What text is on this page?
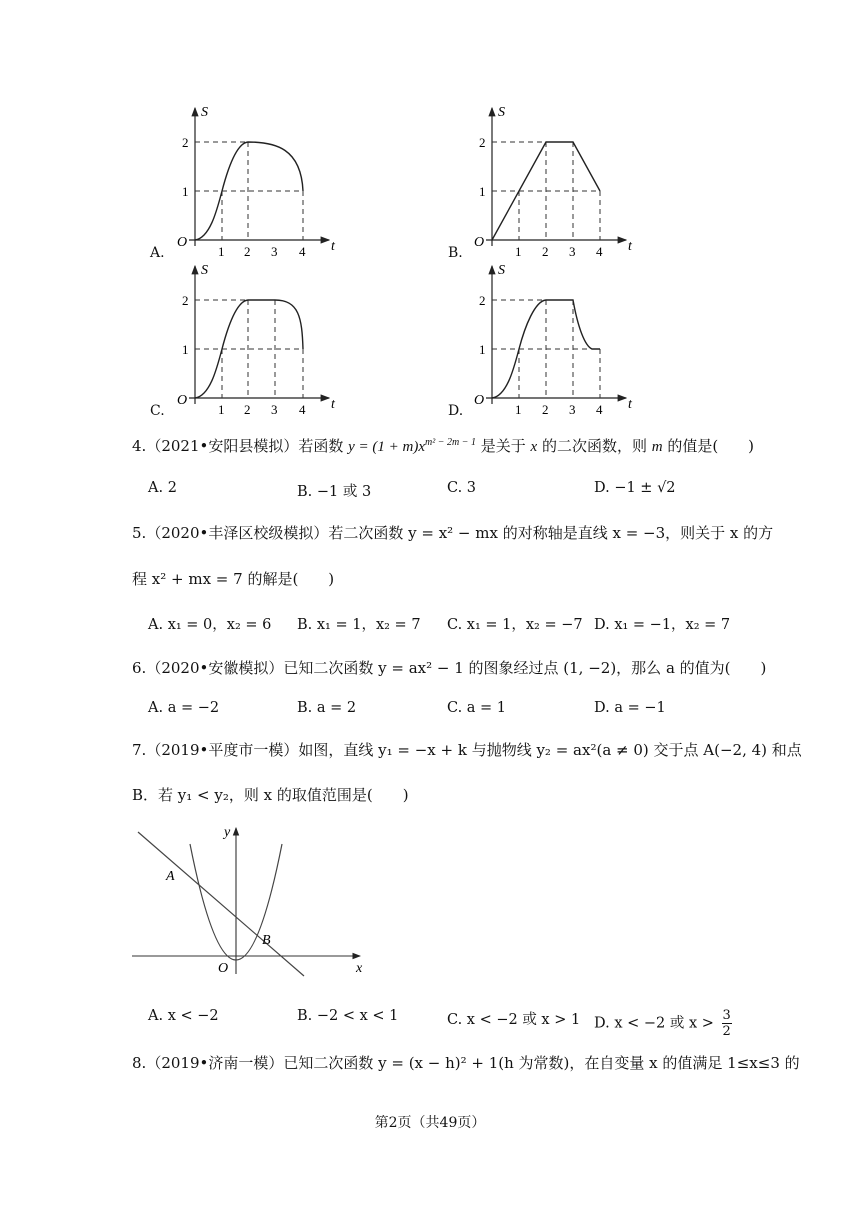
O
2
1
1 2 3 4 t
S
O
2
1
1 2 3 4 t
S
O
2
1
1 2 3 4 t
S
O
2
1
1 2 3 4 t
S
A.	B.
C.	D.
4.（2021•安阳县模拟）若函数 $y = (1 + m)x^{m^2 - 2m - 1}$ 是关于 x 的二次函数，则 m 的值是(　　)
A. 2	B. −1 或 3	C. 3	D. −1 ± √2
5.（2020•丰泽区校级模拟）若二次函数 y = x² − mx 的对称轴是直线 x = −3，则关于 x 的方
程 x² + mx = 7 的解是(　　)
A. x₁ = 0，x₂ = 6 B. x₁ = 1，x₂ = 7 C. x₁ = 1，x₂ = −7 D. x₁ = −1，x₂ = 7
6.（2020•安徽模拟）已知二次函数 y = ax² − 1 的图象经过点 (1, −2)，那么 a 的值为(　　)
A. a = −2	B. a = 2	C. a = 1	D. a = −1
7.（2019•平度市一模）如图，直线 y₁ = −x + k 与抛物线 y₂ = ax²(a ≠ 0) 交于点 A(−2, 4) 和点
B．若 y₁ < y₂，则 x 的取值范围是(　　)
A
B
O	x
y
A. x < −2	B. −2 < x < 1	C. x < −2 或 x > 1 D. x < −2 或 $x > \frac{3}{2}$
8.（2019•济南一模）已知二次函数 y = (x − h)² + 1(h 为常数)，在自变量 x 的值满足 1≤x≤3 的
第2页（共49页）
